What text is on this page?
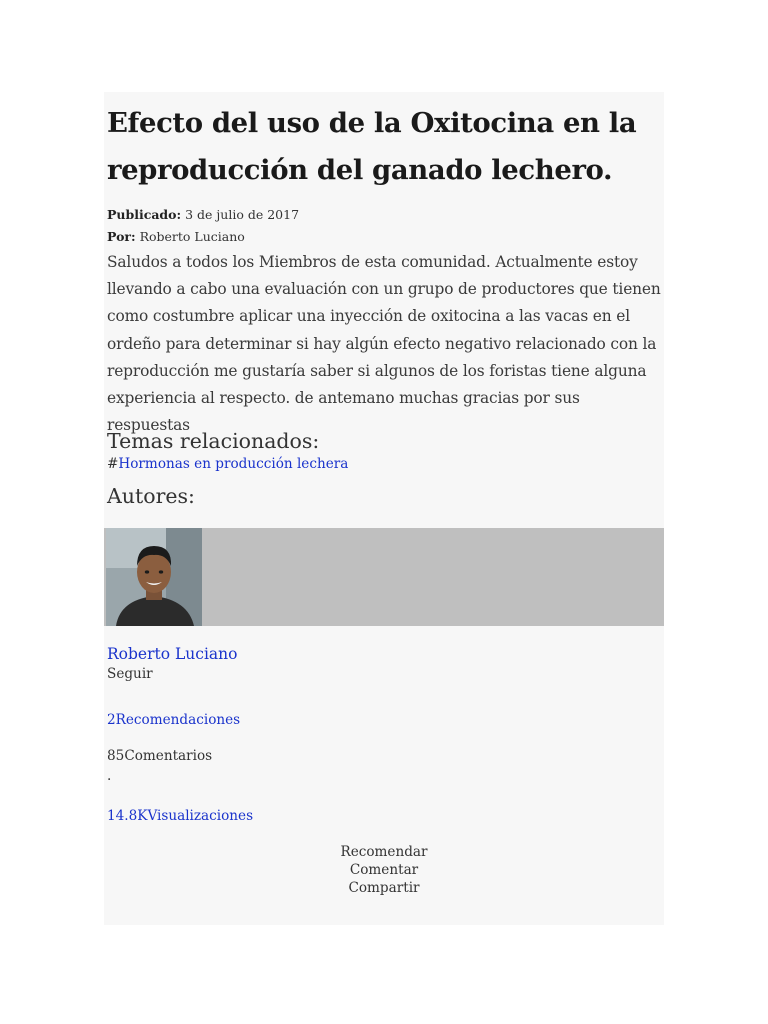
Efecto del uso de la Oxitocina en la reproducción del ganado lechero.
Publicado: 3 de julio de 2017
Por: Roberto Luciano

Saludos a todos los Miembros de esta comunidad. Actualmente estoy llevando a cabo una evaluación con un grupo de productores que tienen como costumbre aplicar una inyección de oxitocina a las vacas en el ordeño para determinar si hay algún efecto negativo relacionado con la reproducción me gustaría saber si algunos de los foristas tiene alguna experiencia al respecto. de antemano muchas gracias por sus respuestas

Temas relacionados:
#Hormonas en producción lechera
Autores:
Roberto Luciano
Seguir
2Recomendaciones
85Comentarios
.
14.8KVisualizaciones
Recomendar
Comentar
Compartir
